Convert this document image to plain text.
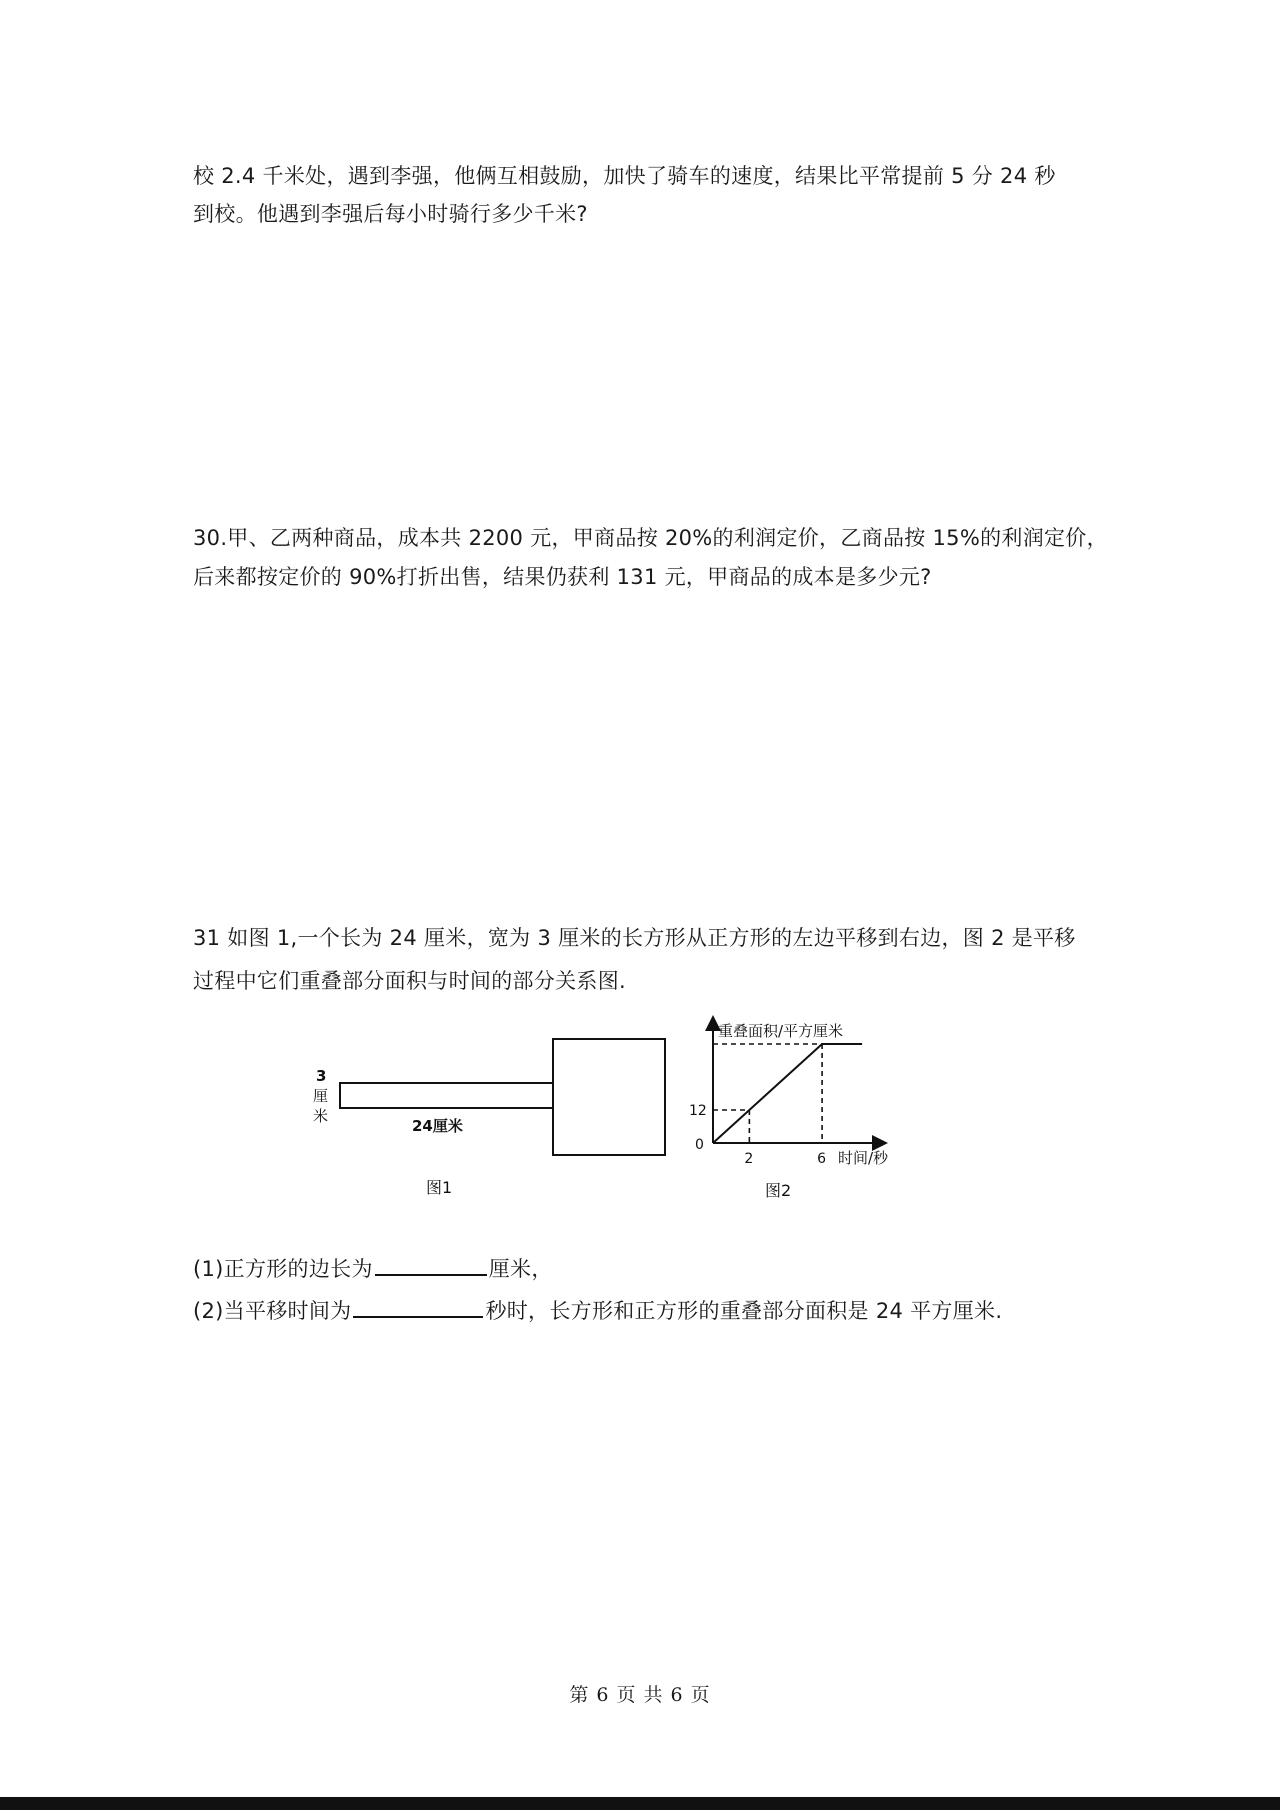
校 2.4 千米处，遇到李强，他俩互相鼓励，加快了骑车的速度，结果比平常提前 5 分 24 秒
到校。他遇到李强后每小时骑行多少千米?
30.甲、乙两种商品，成本共 2200 元，甲商品按 20%的利润定价，乙商品按 15%的利润定价，
后来都按定价的 90%打折出售，结果仍获利 131 元，甲商品的成本是多少元?
31 如图 1,一个长为 24 厘米，宽为 3 厘米的长方形从正方形的左边平移到右边，图 2 是平移
过程中它们重叠部分面积与时间的部分关系图.
3
厘
米
24厘米
图1
0
2	6
12
重叠面积/平方厘米
时间/秒
图2
(1)正方形的边长为	厘米，
(2)当平移时间为	秒时，长方形和正方形的重叠部分面积是 24 平方厘米.
第 6 页 共 6 页
